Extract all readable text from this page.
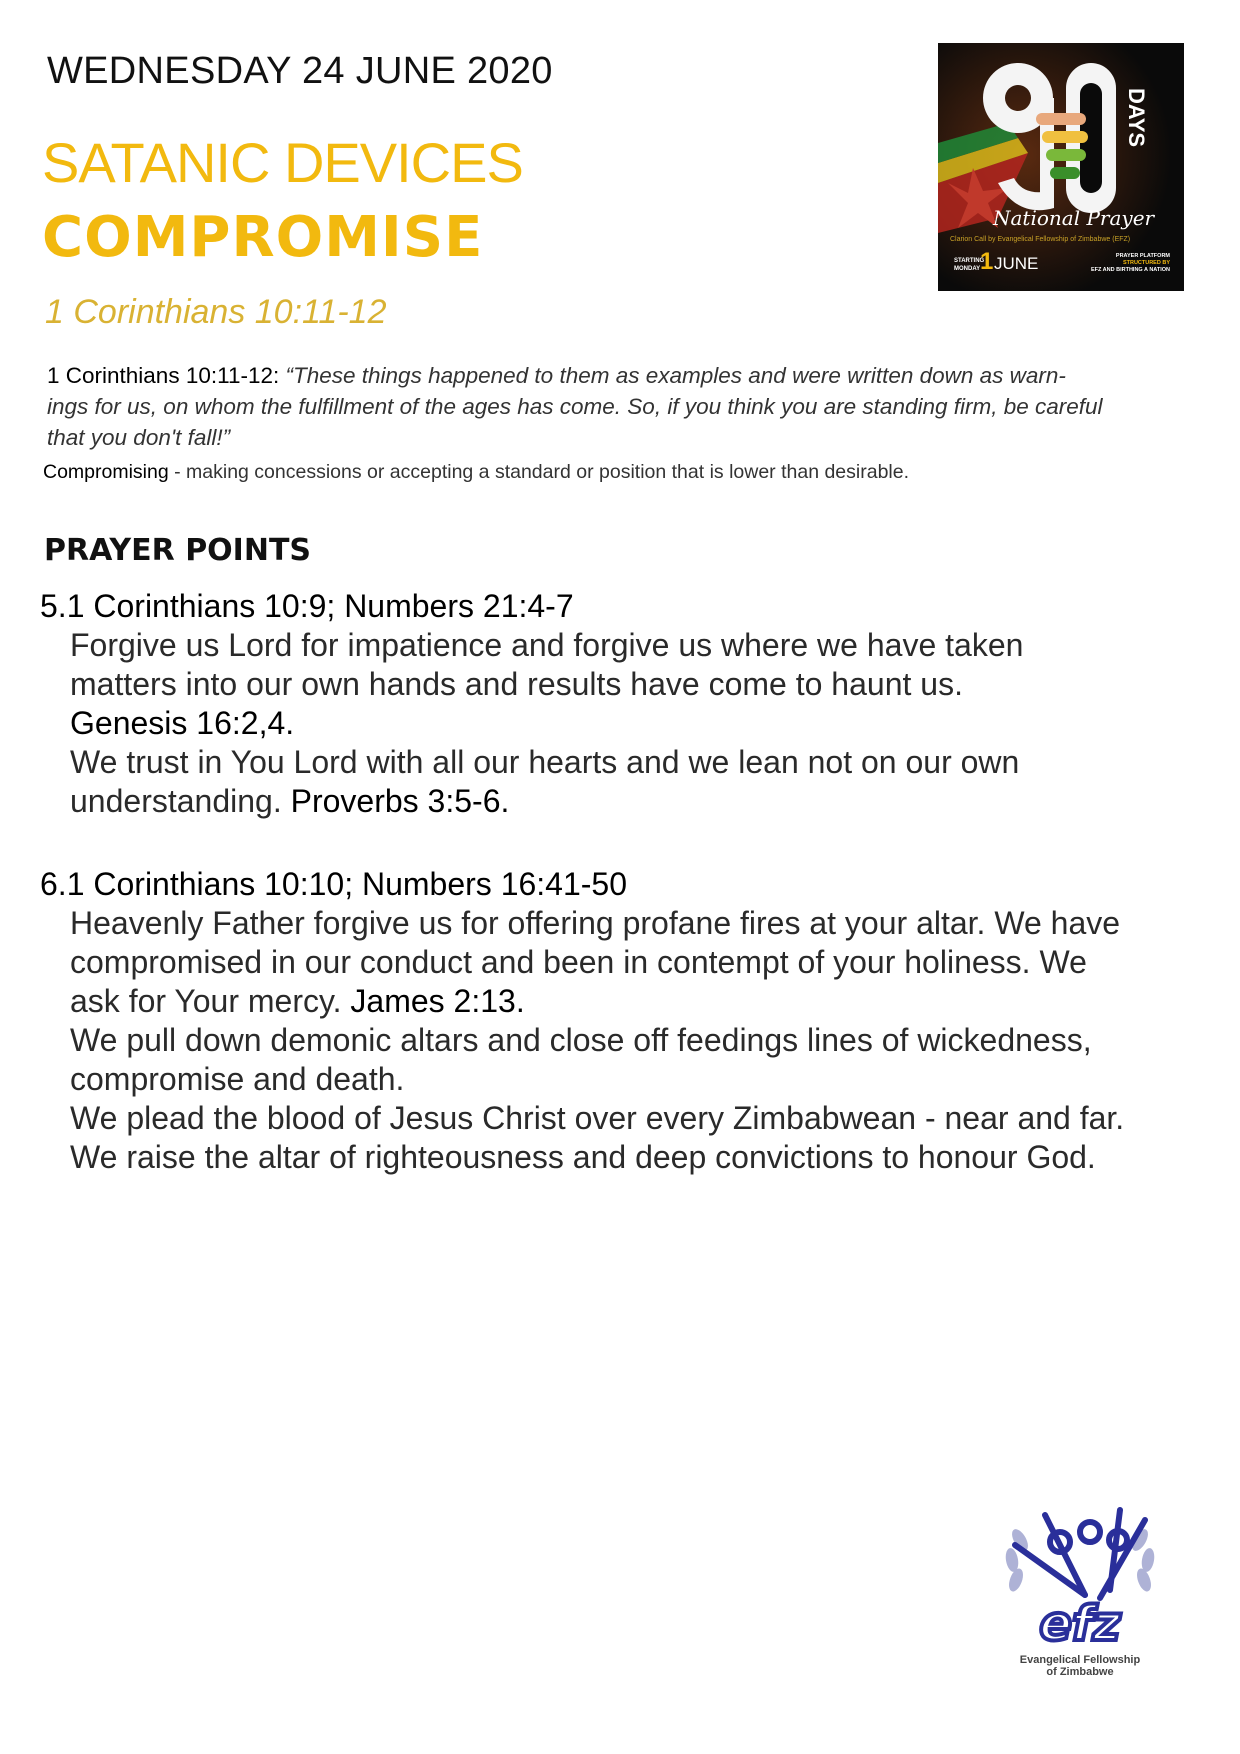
WEDNESDAY 24 JUNE 2020
SATANIC DEVICES
COMPROMISE
1 Corinthians 10:11-12
1 Corinthians 10:11-12: “These things happened to them as examples and were written down as warn-
ings for us, on whom the fulfillment of the ages has come. So, if you think you are standing firm, be careful
that you don't fall!”
Compromising - making concessions or accepting a standard or position that is lower than desirable.
PRAYER POINTS
5.1 Corinthians 10:9; Numbers 21:4-7
Forgive us Lord for impatience and forgive us where we have taken
matters into our own hands and results have come to haunt us.
Genesis 16:2,4.
We trust in You Lord with all our hearts and we lean not on our own
understanding. Proverbs 3:5-6.
6.1 Corinthians 10:10; Numbers 16:41-50
Heavenly Father forgive us for offering profane fires at your altar. We have
compromised in our conduct and been in contempt of your holiness. We
ask for Your mercy. James 2:13.
We pull down demonic altars and close off feedings lines of wickedness,
compromise and death.
We plead the blood of Jesus Christ over every Zimbabwean - near and far.
We raise the altar of righteousness and deep convictions to honour God.
DAYS
National Prayer
Clarion Call by Evangelical Fellowship of Zimbabwe (EFZ)
STARTING
MONDAY 1 JUNE	PRAYER PLATFORM
STRUCTURED BY
EFZ AND BIRTHING A NATION
efz
Evangelical Fellowship
of Zimbabwe
